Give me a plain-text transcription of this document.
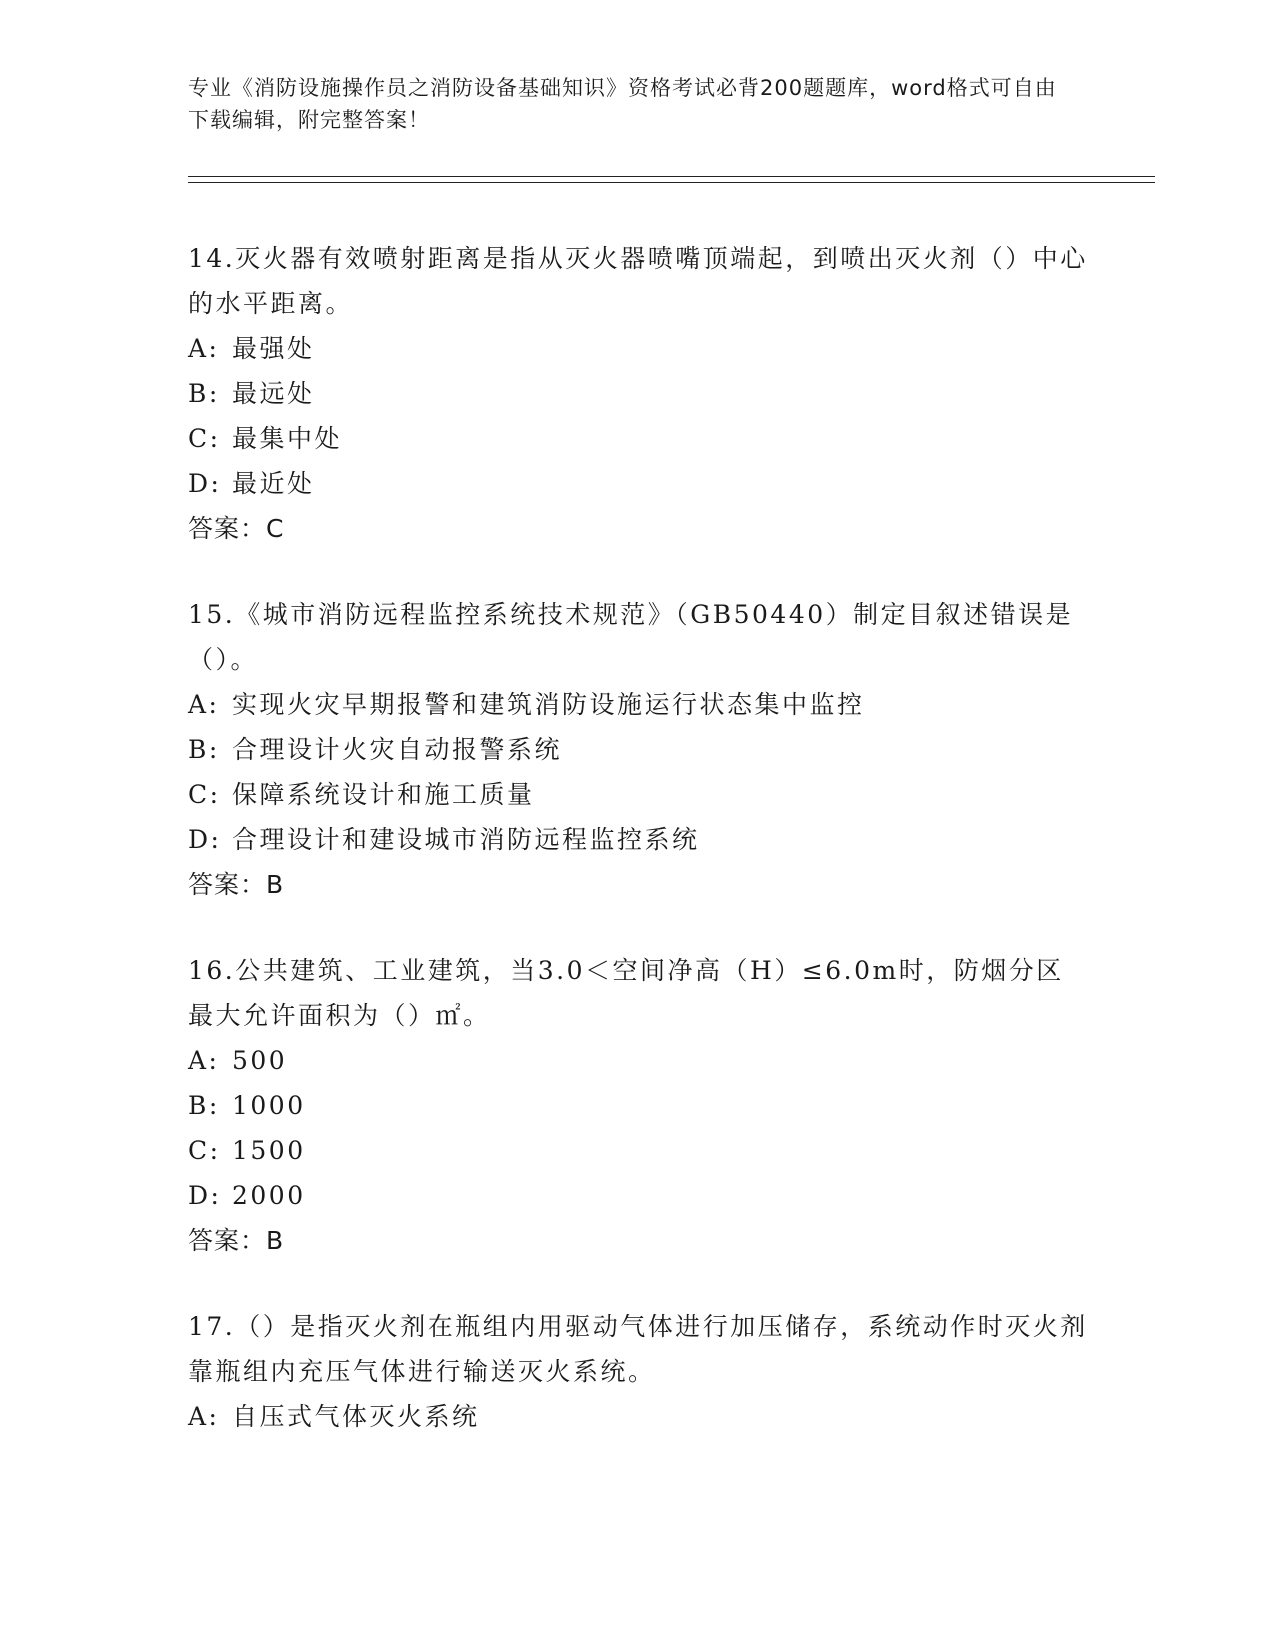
专业《消防设施操作员之消防设备基础知识》资格考试必背200题题库，word格式可自由下载编辑，附完整答案！
14.灭火器有效喷射距离是指从灭火器喷嘴顶端起，到喷出灭火剂（）中心的水平距离。
A: 最强处
B: 最远处
C: 最集中处
D: 最近处
答案：C
15.《城市消防远程监控系统技术规范》（GB50440）制定目叙述错误是（）。
A: 实现火灾早期报警和建筑消防设施运行状态集中监控
B: 合理设计火灾自动报警系统
C: 保障系统设计和施工质量
D: 合理设计和建设城市消防远程监控系统
答案：B
16.公共建筑、工业建筑，当3.0＜空间净高（H）≤6.0m时，防烟分区最大允许面积为（）㎡。
A: 500
B: 1000
C: 1500
D: 2000
答案：B
17.（）是指灭火剂在瓶组内用驱动气体进行加压储存，系统动作时灭火剂靠瓶组内充压气体进行输送灭火系统。
A: 自压式气体灭火系统
